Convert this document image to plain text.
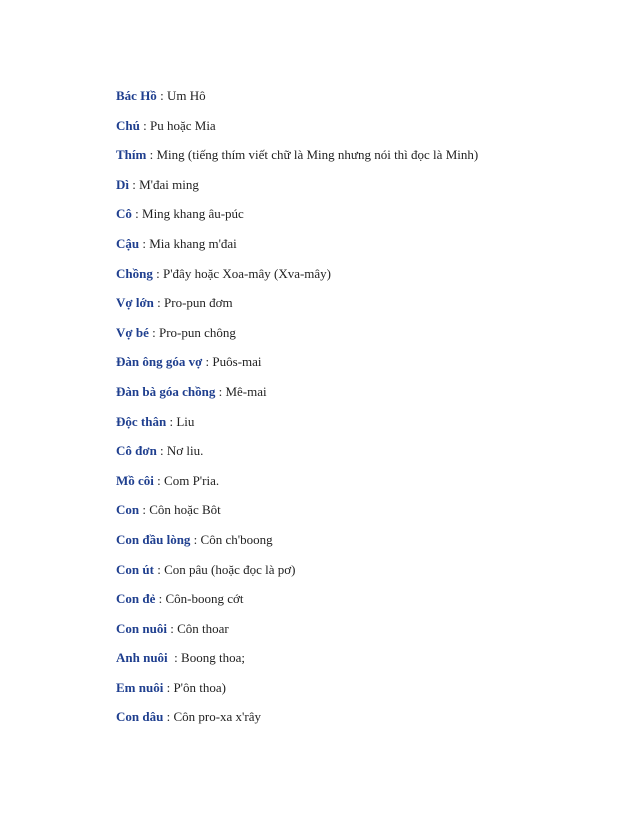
Bác Hồ : Um Hô
Chú : Pu hoặc Mia
Thím : Ming (tiếng thím viết chữ là Ming nhưng nói thì đọc là Minh)
Dì : M'đai ming
Cô : Ming khang âu-púc
Cậu : Mia khang m'đai
Chồng : P'đây hoặc Xoa-mây (Xva-mây)
Vợ lớn : Pro-pun đơm
Vợ bé : Pro-pun chông
Đàn ông góa vợ : Puôs-mai
Đàn bà góa chồng : Mê-mai
Độc thân : Liu
Cô đơn : Nơ liu.
Mồ côi : Com P'ria.
Con : Côn hoặc Bôt
Con đầu lòng : Côn ch'boong
Con út : Con pâu (hoặc đọc là pơ)
Con đẻ : Côn-boong cớt
Con nuôi : Côn thoar
Anh nuôi  : Boong thoa;
Em nuôi : P'ôn thoa)
Con dâu : Côn pro-xa x'rây
